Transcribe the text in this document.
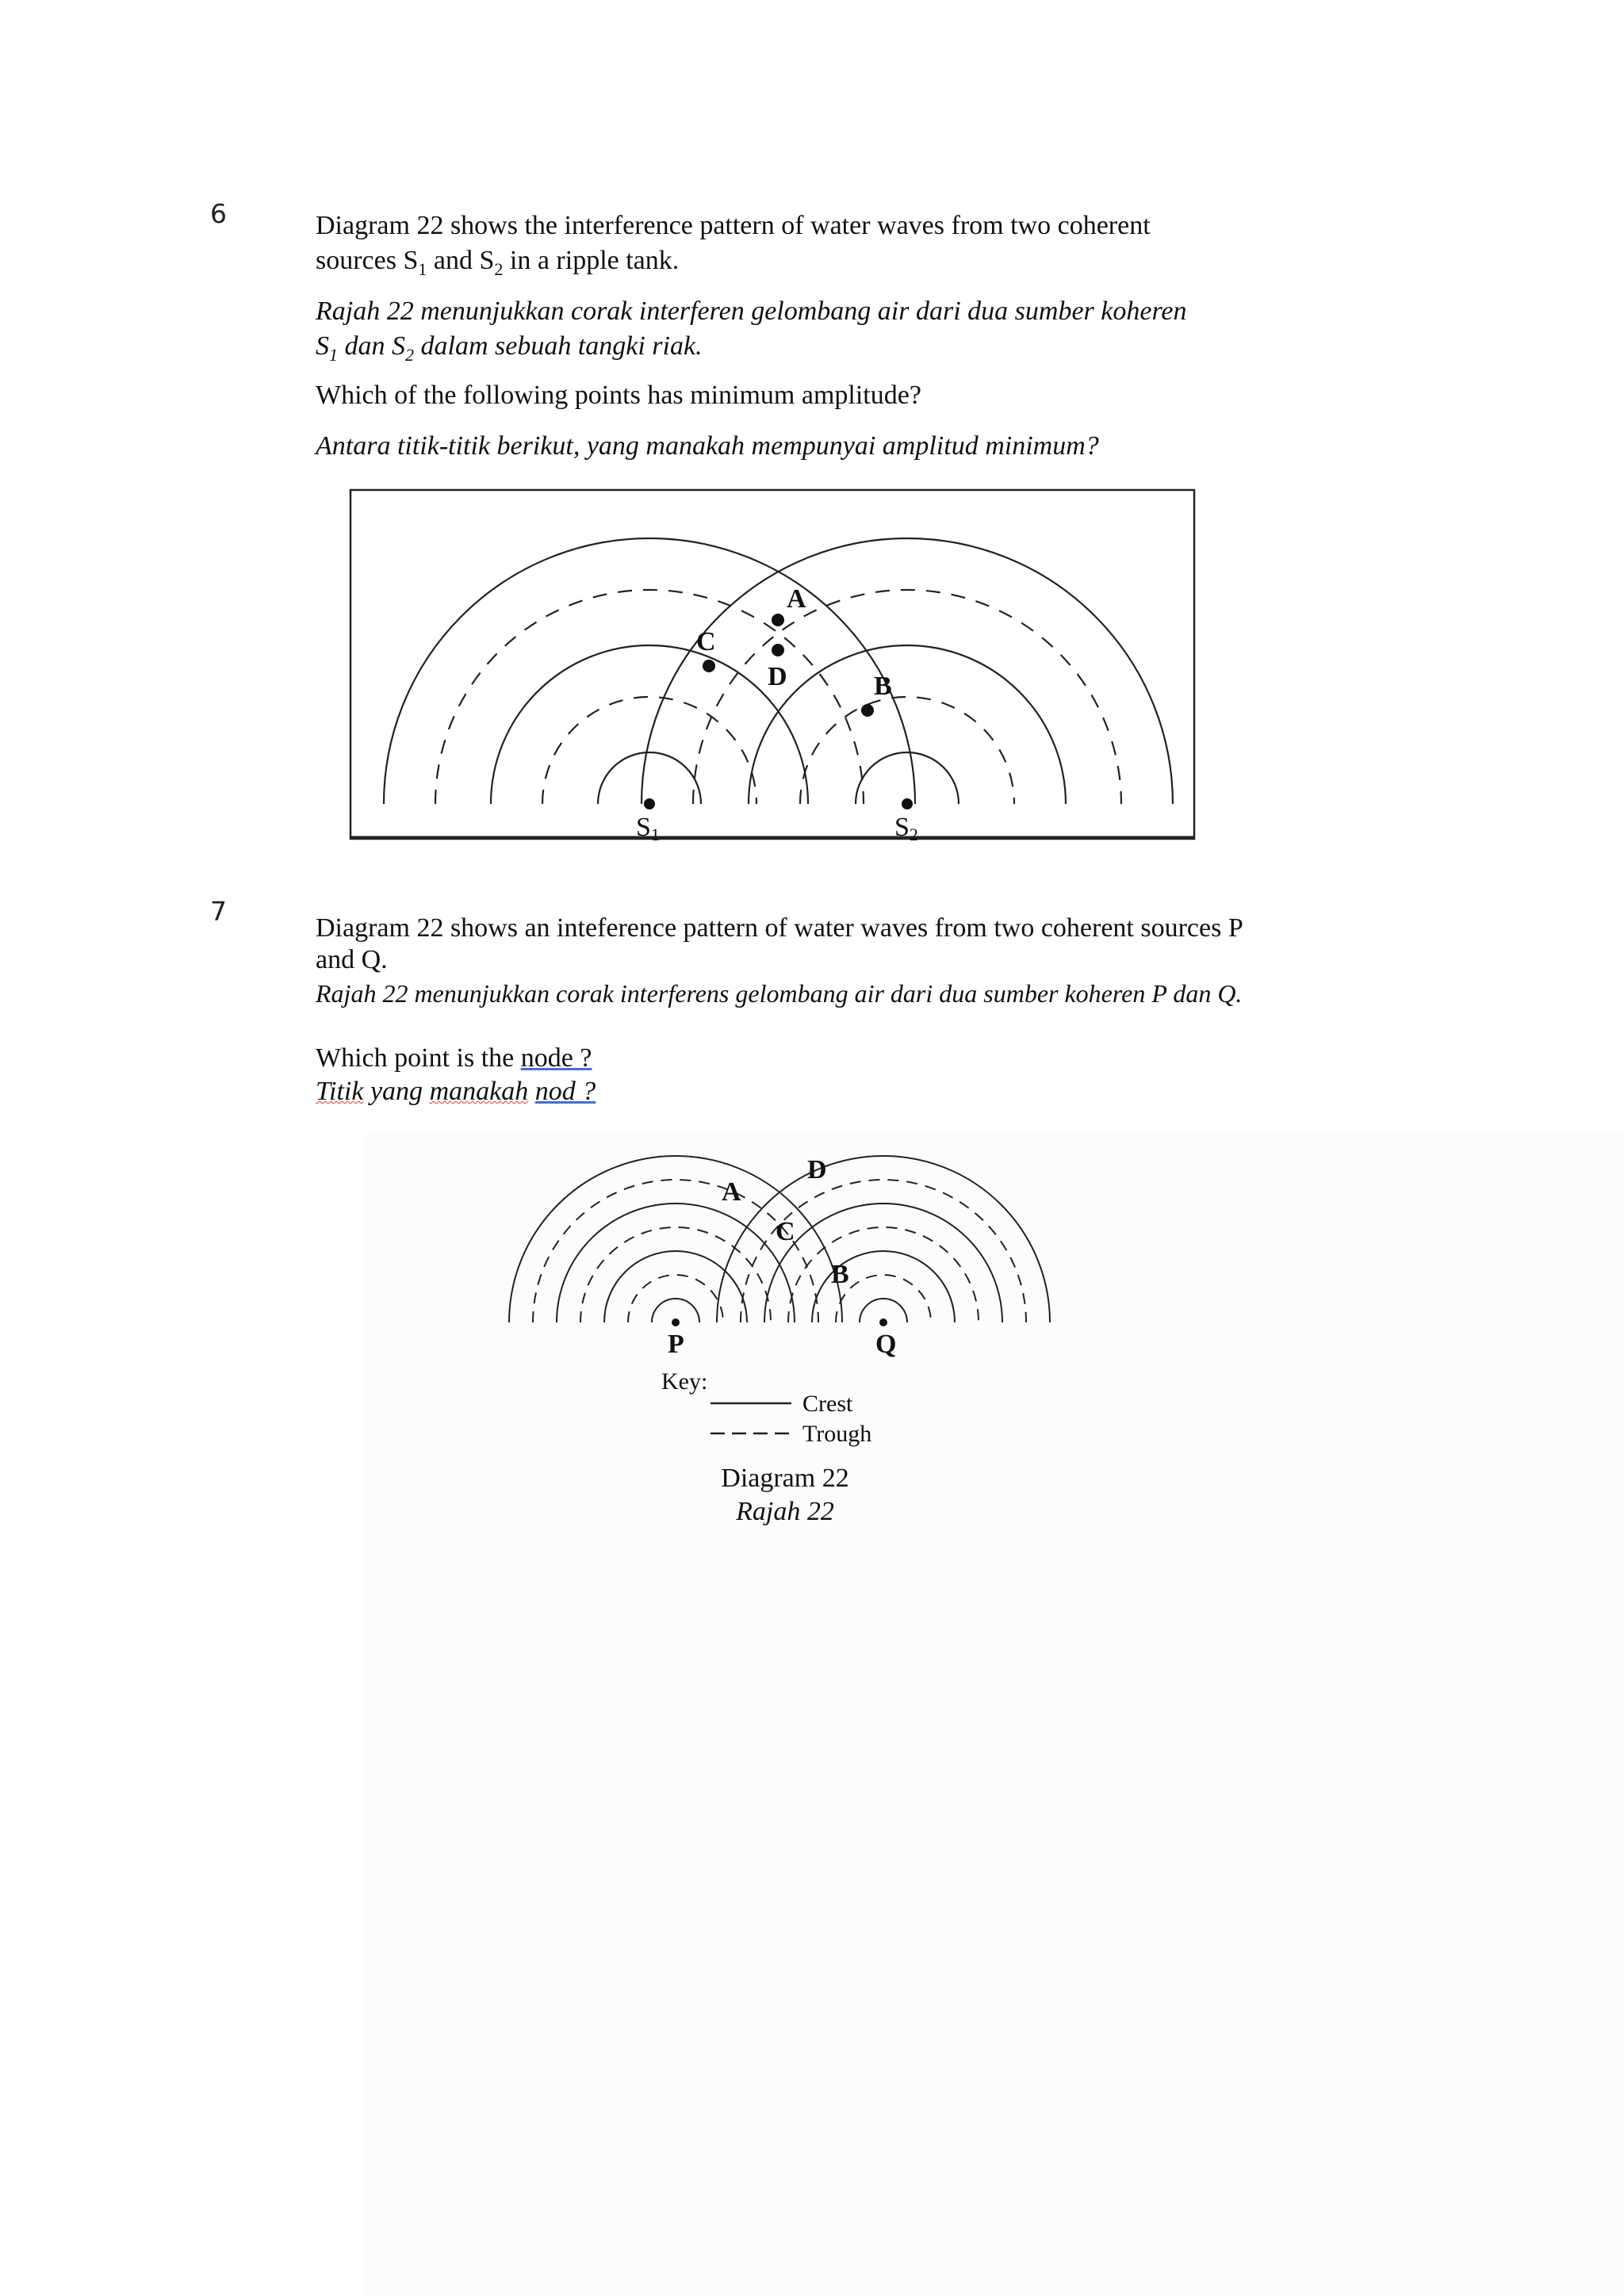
6	Diagram 22 shows the interference pattern of water waves from two coherent
sources $S_1$ and $S_2$ in a ripple tank.
Rajah 22 menunjukkan corak interferen gelombang air dari dua sumber koheren
$S_1$ dan $S_2$ dalam sebuah tangki riak.
Which of the following points has minimum amplitude?
Antara titik-titik berikut, yang manakah mempunyai amplitud minimum?
A
B
C
D
S1	S2
7
Diagram 22 shows an inteference pattern of water waves from two coherent sources P
and Q.
Rajah 22 menunjukkan corak interferens gelombang air dari dua sumber koheren P dan Q.
Which point is the node ?
Titik yang manakah nod ?
A
B
C
D
P	Q
Key:
Crest
Trough
Diagram 22
Rajah 22
